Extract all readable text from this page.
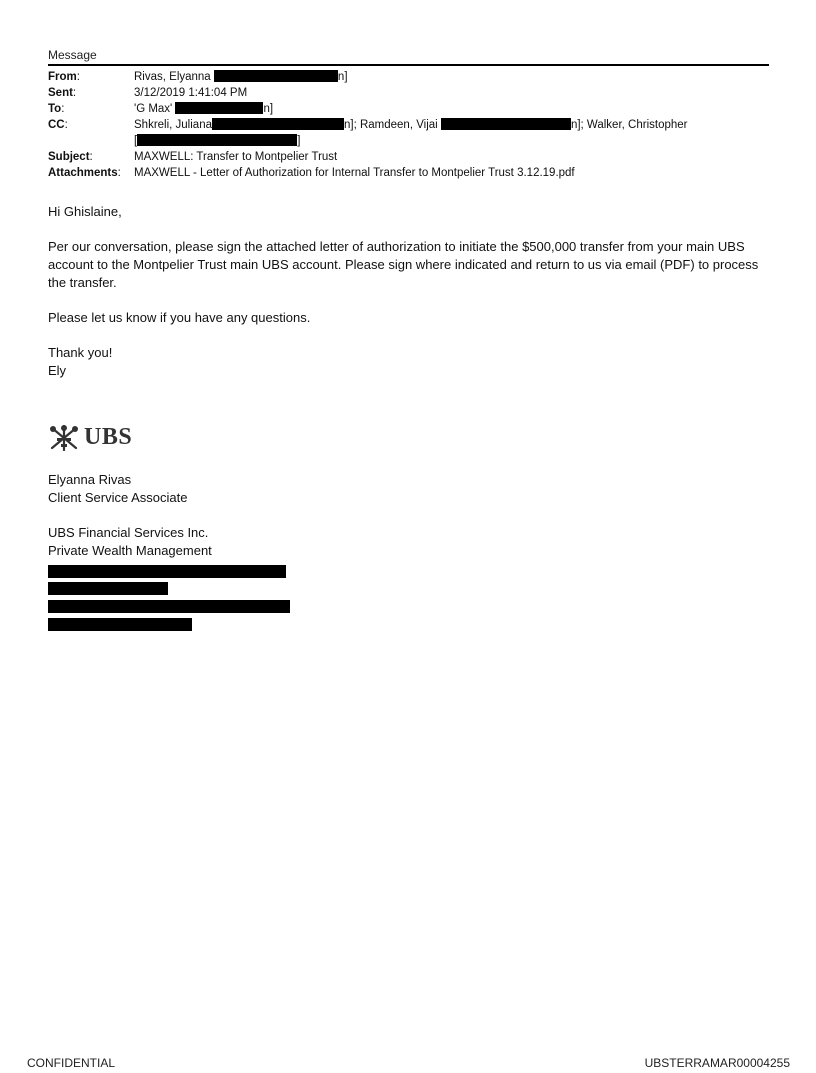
Message
From:	Rivas, Elyanna	n]
Sent:	3/12/2019 1:41:04 PM
To:	'G Max'	n]
CC:	Shkreli, Juliana	n]; Ramdeen, Vijai	n]; Walker, Christopher
[	]
Subject:	MAXWELL: Transfer to Montpelier Trust
Attachments:	MAXWELL - Letter of Authorization for Internal Transfer to Montpelier Trust 3.12.19.pdf

Hi Ghislaine,

Per our conversation, please sign the attached letter of authorization to initiate the $500,000 transfer from your main UBS account to the Montpelier Trust main UBS account. Please sign where indicated and return to us via email (PDF) to process the transfer.

Please let us know if you have any questions.

Thank you!

Ely

UBS

Elyanna Rivas
Client Service Associate

UBS Financial Services Inc.
Private Wealth Management

CONFIDENTIAL	UBSTERRAMAR00004255
